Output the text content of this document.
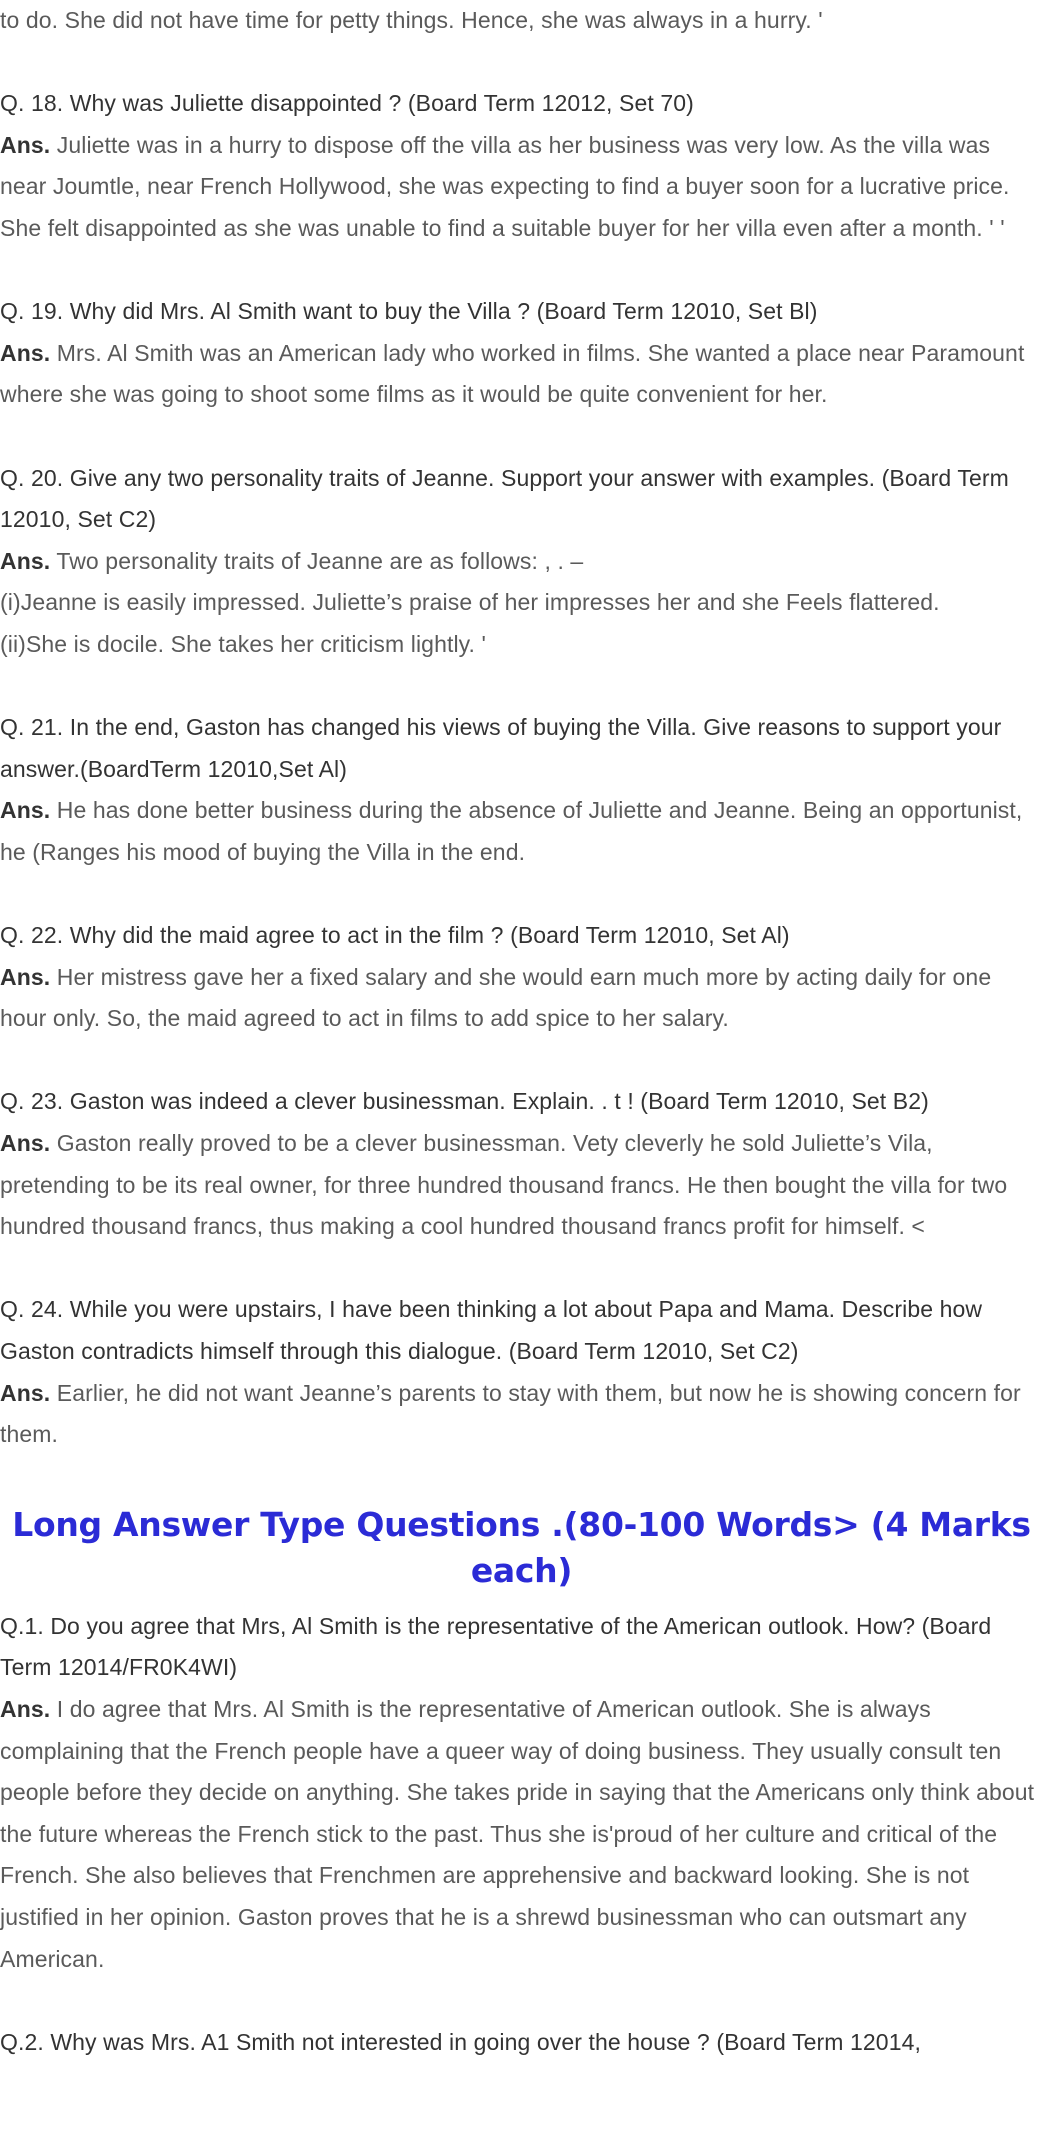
to do. She did not have time for petty things. Hence, she was always in a hurry. '

Q. 18. Why was Juliette disappointed ? (Board Term 12012, Set 70)

Ans. Juliette was in a hurry to dispose off the villa as her business was very low. As the villa was near Joumtle, near French Hollywood, she was expecting to find a buyer soon for a lucrative price. She felt disappointed as she was unable to find a suitable buyer for her villa even after a month. ' '

Q. 19. Why did Mrs. Al Smith want to buy the Villa ? (Board Term 12010, Set Bl)

Ans. Mrs. Al Smith was an American lady who worked in films. She wanted a place near Paramount where she was going to shoot some films as it would be quite convenient for her.

Q. 20. Give any two personality traits of Jeanne. Support your answer with examples. (Board Term 12010, Set C2)

Ans. Two personality traits of Jeanne are as follows: , . –

(i)Jeanne is easily impressed. Juliette’s praise of her impresses her and she Feels flattered.

(ii)She is docile. She takes her criticism lightly. '

Q. 21. In the end, Gaston has changed his views of buying the Villa. Give reasons to support your answer.(BoardTerm 12010,Set Al)

Ans. He has done better business during the absence of Juliette and Jeanne. Being an opportunist, he (Ranges his mood of buying the Villa in the end.

Q. 22. Why did the maid agree to act in the film ? (Board Term 12010, Set Al)

Ans. Her mistress gave her a fixed salary and she would earn much more by acting daily for one hour only. So, the maid agreed to act in films to add spice to her salary.

Q. 23. Gaston was indeed a clever businessman. Explain. . t ! (Board Term 12010, Set B2)

Ans. Gaston really proved to be a clever businessman. Vety cleverly he sold Juliette’s Vila, pretending to be its real owner, for three hundred thousand francs. He then bought the villa for two hundred thousand francs, thus making a cool hundred thousand francs profit for himself. <

Q. 24. While you were upstairs, I have been thinking a lot about Papa and Mama. Describe how Gaston contradicts himself through this dialogue. (Board Term 12010, Set C2)

Ans. Earlier, he did not want Jeanne’s parents to stay with them, but now he is showing concern for them.

Long Answer Type Questions .(80-100 Words> (4 Marks each)

Q.1. Do you agree that Mrs, Al Smith is the representative of the American outlook. How? (Board Term 12014/FR0K4WI)

Ans. I do agree that Mrs. Al Smith is the representative of American outlook. She is always complaining that the French people have a queer way of doing business. They usually consult ten people before they decide on anything. She takes pride in saying that the Americans only think about the future whereas the French stick to the past. Thus she is'proud of her culture and critical of the French. She also believes that Frenchmen are apprehensive and backward looking. She is not justified in her opinion. Gaston proves that he is a shrewd businessman who can outsmart any American.

Q.2. Why was Mrs. A1 Smith not interested in going over the house ? (Board Term 12014,
